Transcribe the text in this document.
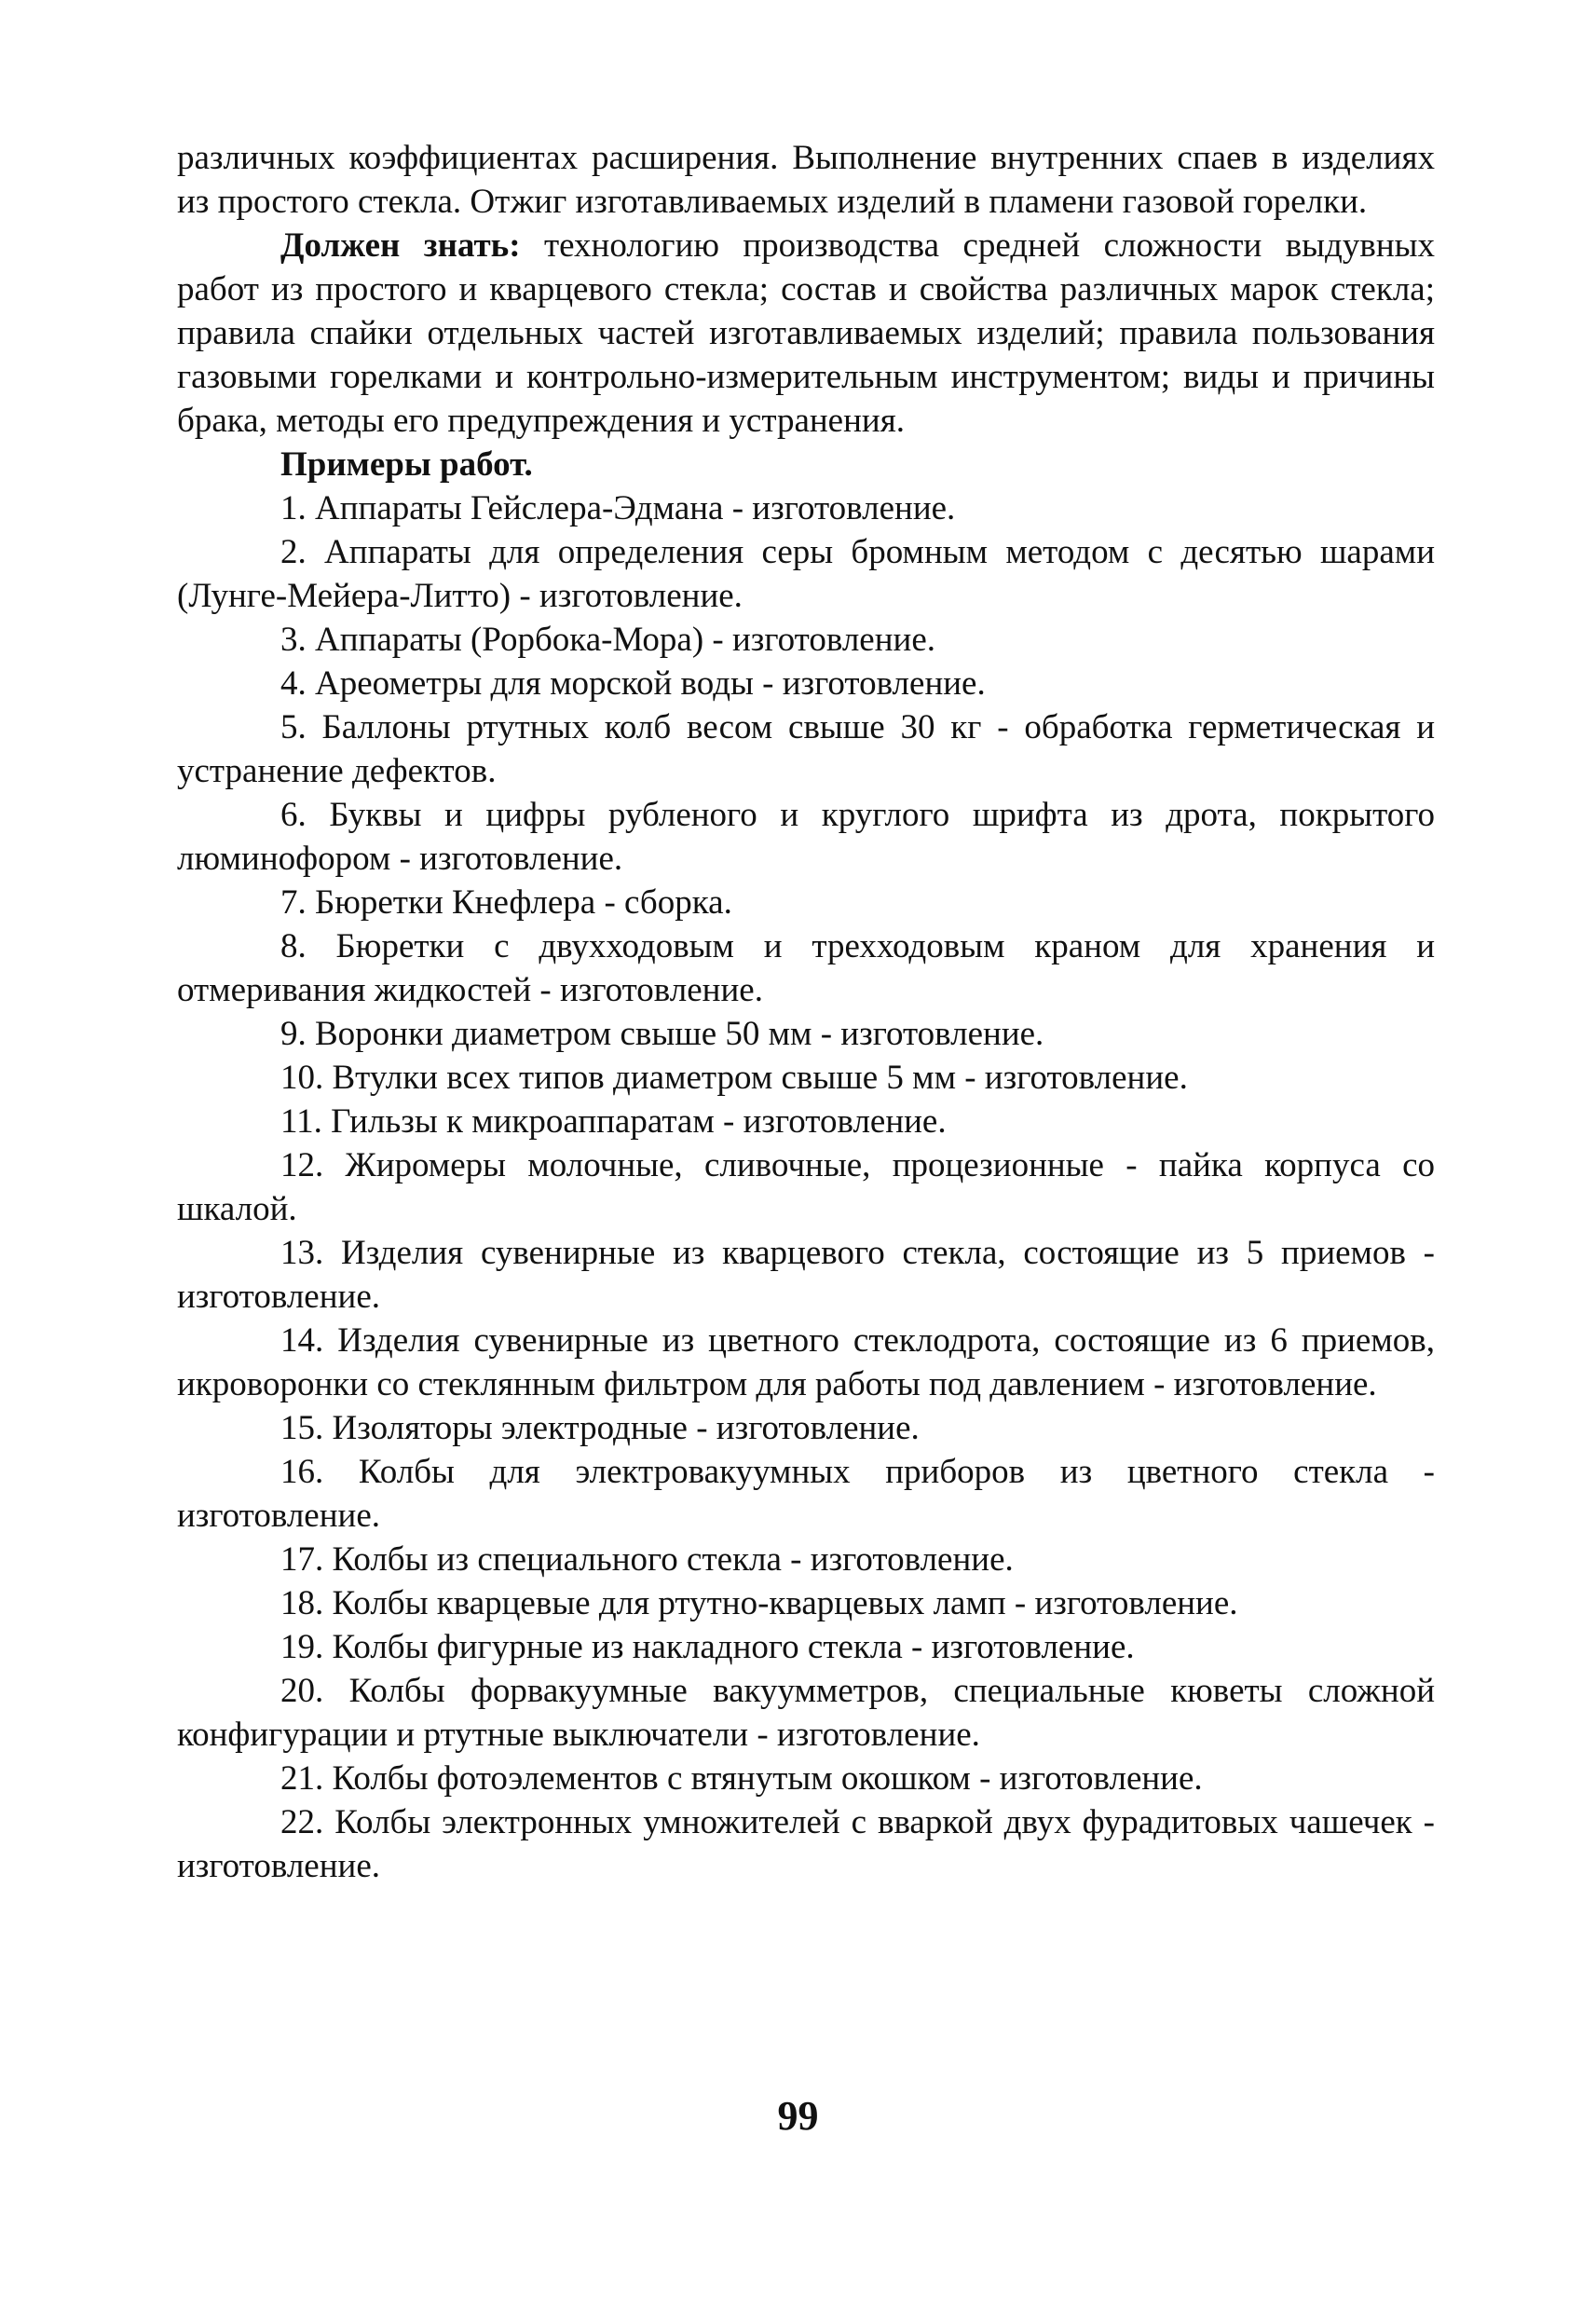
различных коэффициентах расширения. Выполнение внутренних спаев в изделиях из простого стекла. Отжиг изготавливаемых изделий в пламени газовой горелки.

Должен знать: технологию производства средней сложности выдувных работ из простого и кварцевого стекла; состав и свойства различных марок стекла; правила спайки отдельных частей изготавливаемых изделий; правила пользования газовыми горелками и контрольно-измерительным инструментом; виды и причины брака, методы его предупреждения и устранения.

Примеры работ.

1. Аппараты Гейслера-Эдмана - изготовление.

2. Аппараты для определения серы бромным методом с десятью шарами (Лунге-Мейера-Литто) - изготовление.

3. Аппараты (Рорбока-Мора) - изготовление.

4. Ареометры для морской воды - изготовление.

5. Баллоны ртутных колб весом свыше 30 кг - обработка герметическая и устранение дефектов.

6. Буквы и цифры рубленого и круглого шрифта из дрота, покрытого люминофором - изготовление.

7. Бюретки Кнефлера - сборка.

8. Бюретки с двухходовым и трехходовым краном для хранения и отмеривания жидкостей - изготовление.

9. Воронки диаметром свыше 50 мм - изготовление.

10. Втулки всех типов диаметром свыше 5 мм - изготовление.

11. Гильзы к микроаппаратам - изготовление.

12. Жиромеры молочные, сливочные, процезионные - пайка корпуса со шкалой.

13. Изделия сувенирные из кварцевого стекла, состоящие из 5 приемов - изготовление.

14. Изделия сувенирные из цветного стеклодрота, состоящие из 6 приемов, икроворонки со стеклянным фильтром для работы под давлением - изготовление.

15. Изоляторы электродные - изготовление.

16. Колбы для электровакуумных приборов из цветного стекла - изготовление.

17. Колбы из специального стекла - изготовление.

18. Колбы кварцевые для ртутно-кварцевых ламп - изготовление.

19. Колбы фигурные из накладного стекла - изготовление.

20. Колбы форвакуумные вакуумметров, специальные кюветы сложной конфигурации и ртутные выключатели - изготовление.

21. Колбы фотоэлементов с втянутым окошком - изготовление.

22. Колбы электронных умножителей с вваркой двух фурадитовых чашечек - изготовление.

99
